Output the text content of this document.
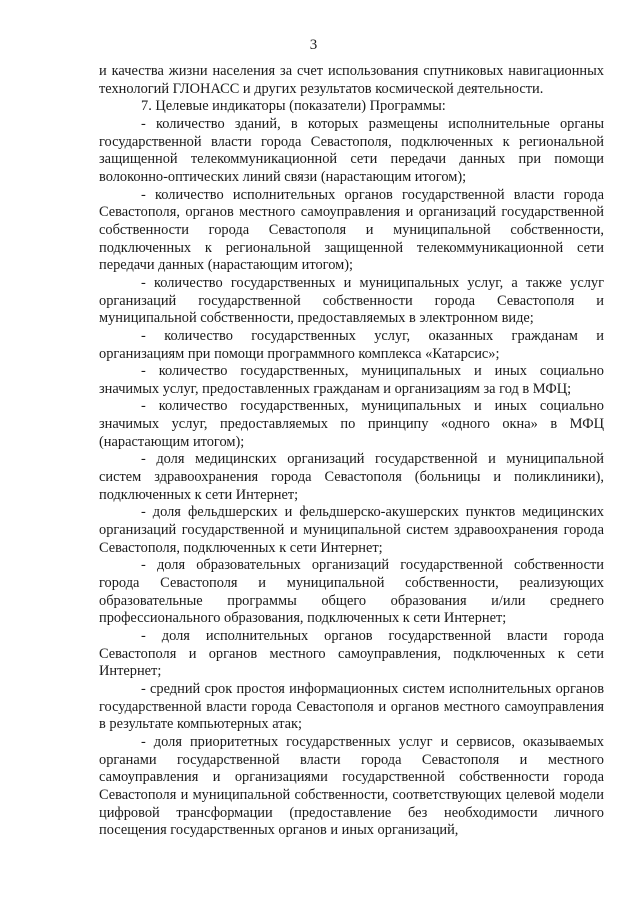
3

и качества жизни населения за счет использования спутниковых навигационных технологий ГЛОНАСС и других результатов космической деятельности.

7. Целевые индикаторы (показатели) Программы:

- количество зданий, в которых размещены исполнительные органы государственной власти города Севастополя, подключенных к региональной защищенной телекоммуникационной сети передачи данных при помощи волоконно-оптических линий связи (нарастающим итогом);

- количество исполнительных органов государственной власти города Севастополя, органов местного самоуправления и организаций государственной собственности города Севастополя и муниципальной собственности, подключенных к региональной защищенной телекоммуникационной сети передачи данных (нарастающим итогом);

- количество государственных и муниципальных услуг, а также услуг организаций государственной собственности города Севастополя и муниципальной собственности, предоставляемых в электронном виде;

- количество государственных услуг, оказанных гражданам и организациям при помощи программного комплекса «Катарсис»;

- количество государственных, муниципальных и иных социально значимых услуг, предоставленных гражданам и организациям за год в МФЦ;

- количество государственных, муниципальных и иных социально значимых услуг, предоставляемых по принципу «одного окна» в МФЦ (нарастающим итогом);

- доля медицинских организаций государственной и муниципальной систем здравоохранения города Севастополя (больницы и поликлиники), подключенных к сети Интернет;

- доля фельдшерских и фельдшерско-акушерских пунктов медицинских организаций государственной и муниципальной систем здравоохранения города Севастополя, подключенных к сети Интернет;

- доля образовательных организаций государственной собственности города Севастополя и муниципальной собственности, реализующих образовательные программы общего образования и/или среднего профессионального образования, подключенных к сети Интернет;

- доля исполнительных органов государственной власти города Севастополя и органов местного самоуправления, подключенных к сети Интернет;

- средний срок простоя информационных систем исполнительных органов государственной власти города Севастополя и органов местного самоуправления в результате компьютерных атак;

- доля приоритетных государственных услуг и сервисов, оказываемых органами государственной власти города Севастополя и местного самоуправления и организациями государственной собственности города Севастополя и муниципальной собственности, соответствующих целевой модели цифровой трансформации (предоставление без необходимости личного посещения государственных органов и иных организаций,
